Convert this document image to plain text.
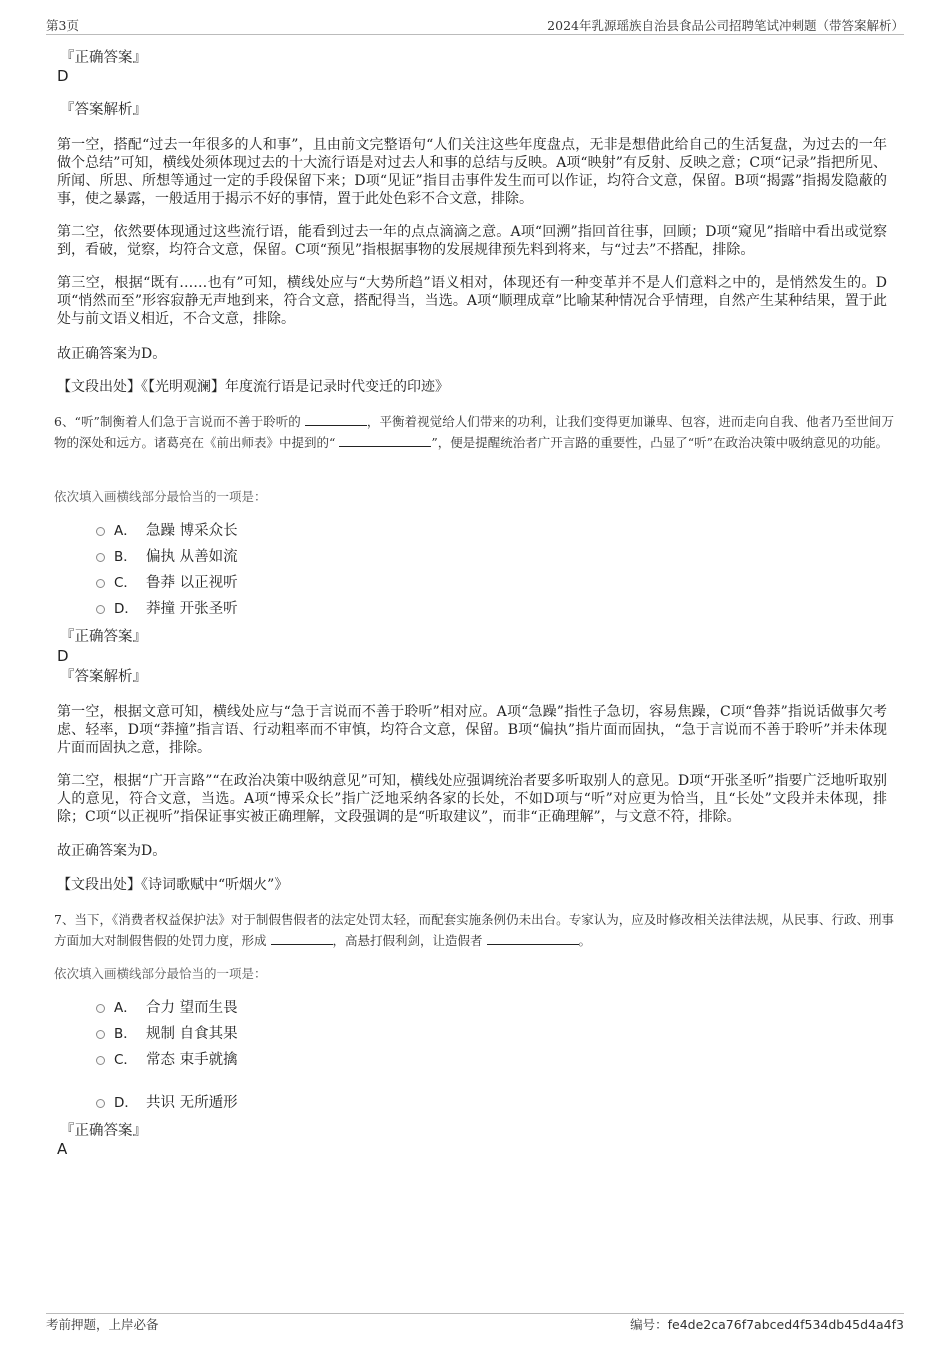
第3页	2024年乳源瑶族自治县食品公司招聘笔试冲刺题（带答案解析）
『正确答案』
D
『答案解析』
第一空，搭配“过去一年很多的人和事”，且由前文完整语句“人们关注这些年度盘点，无非是想借此给自己的生活复盘，为过去的一年做个总结”可知，横线处须体现过去的十大流行语是对过去人和事的总结与反映。A项“映射”有反射、反映之意；C项“记录”指把所见、所闻、所思、所想等通过一定的手段保留下来；D项“见证”指目击事件发生而可以作证，均符合文意，保留。B项“揭露”指揭发隐蔽的事，使之暴露，一般适用于揭示不好的事情，置于此处色彩不合文意，排除。
第二空，依然要体现通过这些流行语，能看到过去一年的点点滴滴之意。A项“回溯”指回首往事，回顾；D项“窥见”指暗中看出或觉察到，看破，觉察，均符合文意，保留。C项“预见”指根据事物的发展规律预先料到将来，与“过去”不搭配，排除。
第三空，根据“既有……也有”可知，横线处应与“大势所趋”语义相对，体现还有一种变革并不是人们意料之中的，是悄然发生的。D项“悄然而至”形容寂静无声地到来，符合文意，搭配得当，当选。A项“顺理成章”比喻某种情况合乎情理，自然产生某种结果，置于此处与前文语义相近，不合文意，排除。
故正确答案为D。
【文段出处】《【光明观澜】年度流行语是记录时代变迁的印迹》
6、“听”制衡着人们急于言说而不善于聆听的	，平衡着视觉给人们带来的功利，让我们变得更加谦卑、包容，进而走向自我、他者乃至世间万物的深处和远方。诸葛亮在《前出师表》中提到的“	”，便是提醒统治者广开言路的重要性，凸显了“听”在政治决策中吸纳意见的功能。
依次填入画横线部分最恰当的一项是：
A． 急躁 博采众长
B． 偏执 从善如流
C． 鲁莽 以正视听
D． 莽撞 开张圣听
『正确答案』
D
『答案解析』
第一空，根据文意可知，横线处应与“急于言说而不善于聆听”相对应。A项“急躁”指性子急切，容易焦躁，C项“鲁莽”指说话做事欠考虑、轻率，D项“莽撞”指言语、行动粗率而不审慎，均符合文意，保留。B项“偏执”指片面而固执，“急于言说而不善于聆听”并未体现片面而固执之意，排除。
第二空，根据“广开言路”“在政治决策中吸纳意见”可知，横线处应强调统治者要多听取别人的意见。D项“开张圣听”指要广泛地听取别人的意见，符合文意，当选。A项“博采众长”指广泛地采纳各家的长处，不如D项与“听”对应更为恰当，且“长处”文段并未体现，排除；C项“以正视听”指保证事实被正确理解，文段强调的是“听取建议”，而非“正确理解”，与文意不符，排除。
故正确答案为D。
【文段出处】《诗词歌赋中“听烟火”》
7、当下，《消费者权益保护法》对于制假售假者的法定处罚太轻，而配套实施条例仍未出台。专家认为，应及时修改相关法律法规，从民事、行政、刑事方面加大对制假售假的处罚力度，形成	，高悬打假利剑，让造假者	。
依次填入画横线部分最恰当的一项是：
A． 合力 望而生畏
B． 规制 自食其果
C． 常态 束手就擒
D． 共识 无所遁形
『正确答案』
A
考前押题，上岸必备	编号：fe4de2ca76f7abced4f534db45d4a4f3
